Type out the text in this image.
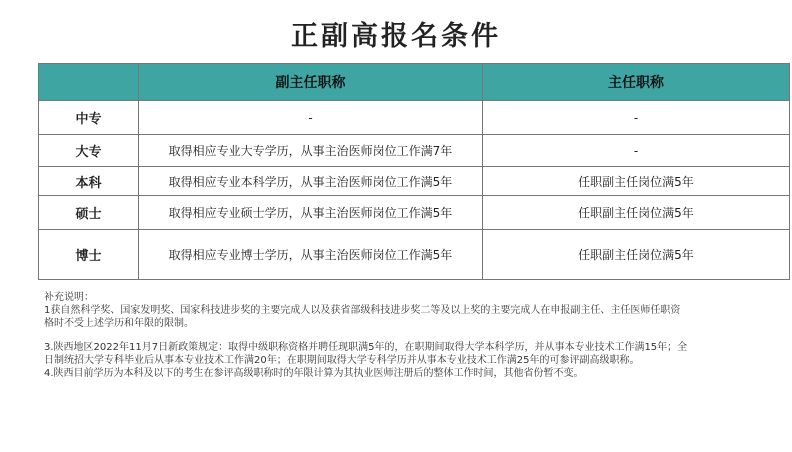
正副高报名条件
	副主任职称	主任职称
中专	-	-
大专	取得相应专业大专学历，从事主治医师岗位工作满7年	-
本科	取得相应专业本科学历，从事主治医师岗位工作满5年	任职副主任岗位满5年
硕士	取得相应专业硕士学历，从事主治医师岗位工作满5年	任职副主任岗位满5年
博士	取得相应专业博士学历，从事主治医师岗位工作满5年	任职副主任岗位满5年
补充说明：
1获自然科学奖、国家发明奖、国家科技进步奖的主要完成人以及获省部级科技进步奖二等及以上奖的主要完成人在申报副主任、主任医师任职资
格时不受上述学历和年限的限制。
3.陕西地区2022年11月7日新政策规定：取得中级职称资格并聘任现职满5年的，在职期间取得大学本科学历，并从事本专业技术工作满15年；全
日制统招大学专科毕业后从事本专业技术工作满20年；在职期间取得大学专科学历并从事本专业技术工作满25年的可参评副高级职称。
4.陕西目前学历为本科及以下的考生在参评高级职称时的年限计算为其执业医师注册后的整体工作时间，其他省份暂不变。
